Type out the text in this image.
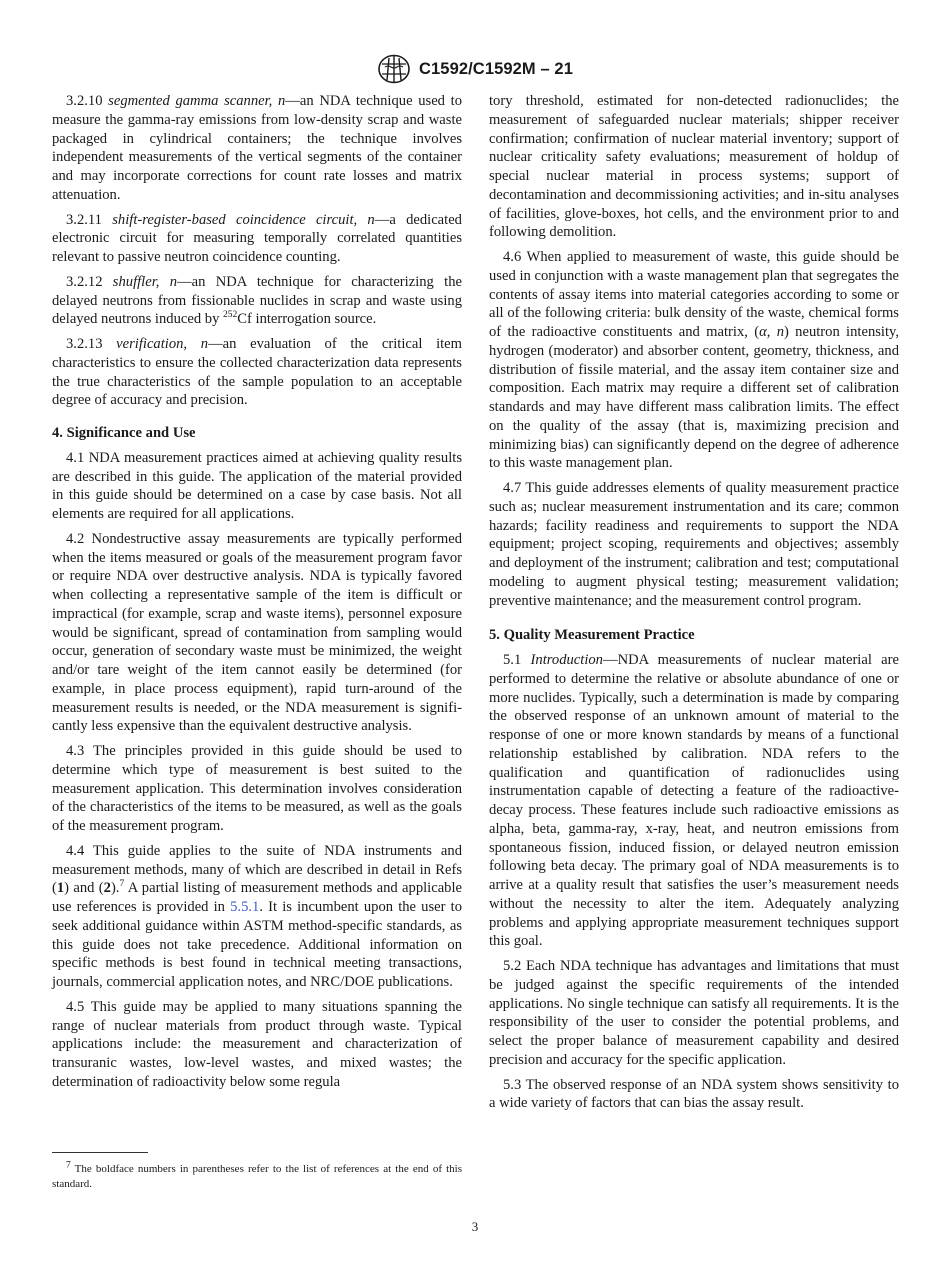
C1592/C1592M – 21

3.2.10 segmented gamma scanner, n—an NDA technique used to measure the gamma-ray emissions from low-density scrap and waste packaged in cylindrical containers; the technique involves independent measurements of the vertical segments of the container and may incorporate corrections for count rate losses and matrix attenuation.

3.2.11 shift-register-based coincidence circuit, n—a dedicated electronic circuit for measuring temporally correlated quantities relevant to passive neutron coincidence counting.

3.2.12 shuffler, n—an NDA technique for characterizing the delayed neutrons from fissionable nuclides in scrap and waste using delayed neutrons induced by $^{252}$Cf interrogation source.

3.2.13 verification, n—an evaluation of the critical item characteristics to ensure the collected characterization data represents the true characteristics of the sample population to an acceptable degree of accuracy and precision.

4. Significance and Use

4.1 NDA measurement practices aimed at achieving quality results are described in this guide. The application of the material provided in this guide should be determined on a case by case basis. Not all elements are required for all applications.

4.2 Nondestructive assay measurements are typically performed when the items measured or goals of the measurement program favor or require NDA over destructive analysis. NDA is typically favored when collecting a representative sample of the item is difficult or impractical (for example, scrap and waste items), personnel exposure would be significant, spread of contamination from sampling would occur, generation of secondary waste must be minimized, the weight and/or tare weight of the item cannot easily be determined (for example, in place process equipment), rapid turn-around of the measurement results is needed, or the NDA measurement is significantly less expensive than the equivalent destructive analysis.

4.3 The principles provided in this guide should be used to determine which type of measurement is best suited to the measurement application. This determination involves consideration of the characteristics of the items to be measured, as well as the goals of the measurement program.

4.4 This guide applies to the suite of NDA instruments and measurement methods, many of which are described in detail in Refs (1) and (2).$^7$ A partial listing of measurement methods and applicable use references is provided in 5.5.1. It is incumbent upon the user to seek additional guidance within ASTM method-specific standards, as this guide does not take precedence. Additional information on specific methods is best found in technical meeting transactions, journals, commercial application notes, and NRC/DOE publications.

4.5 This guide may be applied to many situations spanning the range of nuclear materials from product through waste. Typical applications include: the measurement and characterization of transuranic wastes, low-level wastes, and mixed wastes; the determination of radioactivity below some regula

tory threshold, estimated for non-detected radionuclides; the measurement of safeguarded nuclear materials; shipper receiver confirmation; confirmation of nuclear material inventory; support of nuclear criticality safety evaluations; measurement of holdup of special nuclear material in process systems; support of decontamination and decommissioning activities; and in-situ analyses of facilities, glove-boxes, hot cells, and the environment prior to and following demolition.

4.6 When applied to measurement of waste, this guide should be used in conjunction with a waste management plan that segregates the contents of assay items into material categories according to some or all of the following criteria: bulk density of the waste, chemical forms of the radioactive constituents and matrix, (α, n) neutron intensity, hydrogen (moderator) and absorber content, geometry, thickness, and distribution of fissile material, and the assay item container size and composition. Each matrix may require a different set of calibration standards and may have different mass calibration limits. The effect on the quality of the assay (that is, maximizing precision and minimizing bias) can significantly depend on the degree of adherence to this waste management plan.

4.7 This guide addresses elements of quality measurement practice such as; nuclear measurement instrumentation and its care; common hazards; facility readiness and requirements to support the NDA equipment; project scoping, requirements and objectives; assembly and deployment of the instrument; calibration and test; computational modeling to augment physical testing; measurement validation; preventive maintenance; and the measurement control program.

5. Quality Measurement Practice

5.1 Introduction—NDA measurements of nuclear material are performed to determine the relative or absolute abundance of one or more nuclides. Typically, such a determination is made by comparing the observed response of an unknown amount of material to the response of one or more known standards by means of a functional relationship established by calibration. NDA refers to the qualification and quantification of radionuclides using instrumentation capable of detecting a feature of the radioactive-decay process. These features include such radioactive emissions as alpha, beta, gamma-ray, x-ray, heat, and neutron emissions from spontaneous fission, induced fission, or delayed neutron emission following beta decay. The primary goal of NDA measurements is to arrive at a quality result that satisfies the user’s measurement needs without the necessity to alter the item. Adequately analyzing problems and applying appropriate measurement techniques support this goal.

5.2 Each NDA technique has advantages and limitations that must be judged against the specific requirements of the intended applications. No single technique can satisfy all requirements. It is the responsibility of the user to consider the potential problems, and select the proper balance of measurement capability and desired precision and accuracy for the specific application.

5.3 The observed response of an NDA system shows sensitivity to a wide variety of factors that can bias the assay result.

$^7$ The boldface numbers in parentheses refer to the list of references at the end of this standard.
3
